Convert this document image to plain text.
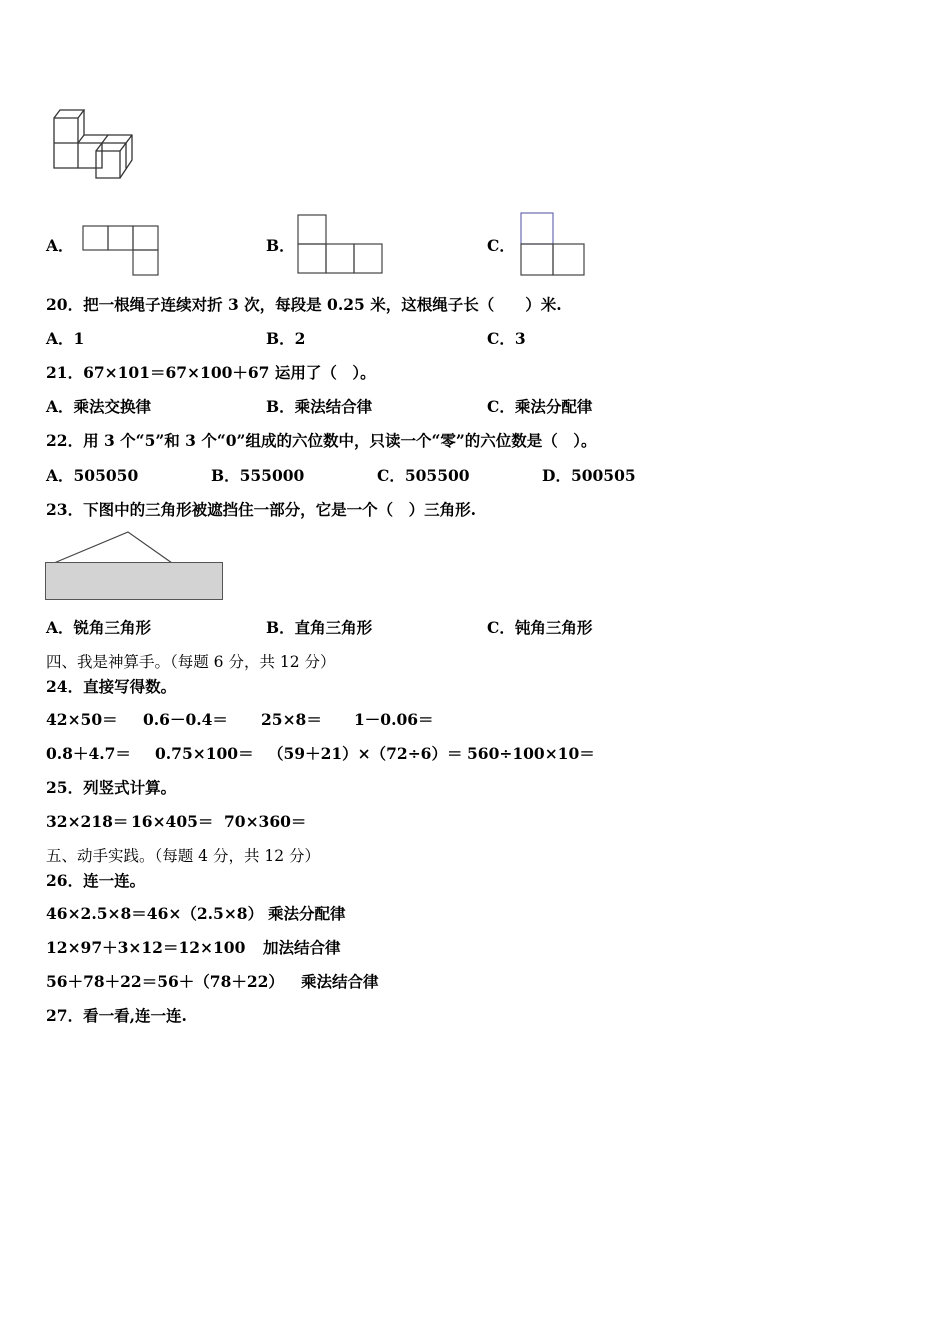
A．	B．	C．
20．把一根绳子连续对折 3 次，每段是 0.25 米，这根绳子长（　　）米.
A．1	B．2	C．3
21．67×101＝67×100＋67 运用了（　）。
A．乘法交换律	B．乘法结合律	C．乘法分配律
22．用 3 个“5”和 3 个“0”组成的六位数中，只读一个“零”的六位数是（　）。
A．505050	B．555000	C．505500	D．500505
23．下图中的三角形被遮挡住一部分，它是一个（　）三角形.
A．锐角三角形	B．直角三角形	C．钝角三角形
四、我是神算手。（每题 6 分，共 12 分）
24．直接写得数。
42×50＝ 0.6－0.4＝ 25×8＝ 1－0.06＝
0.8＋4.7＝ 0.75×100＝ （59＋21）×（72÷6）＝ 560÷100×10＝
25．列竖式计算。
32×218＝ 16×405＝ 70×360＝
五、动手实践。（每题 4 分，共 12 分）
26．连一连。
46×2.5×8＝46×（2.5×8） 乘法分配律
12×97＋3×12＝12×100 加法结合律
56＋78＋22＝56＋（78＋22） 乘法结合律
27．看一看,连一连.
